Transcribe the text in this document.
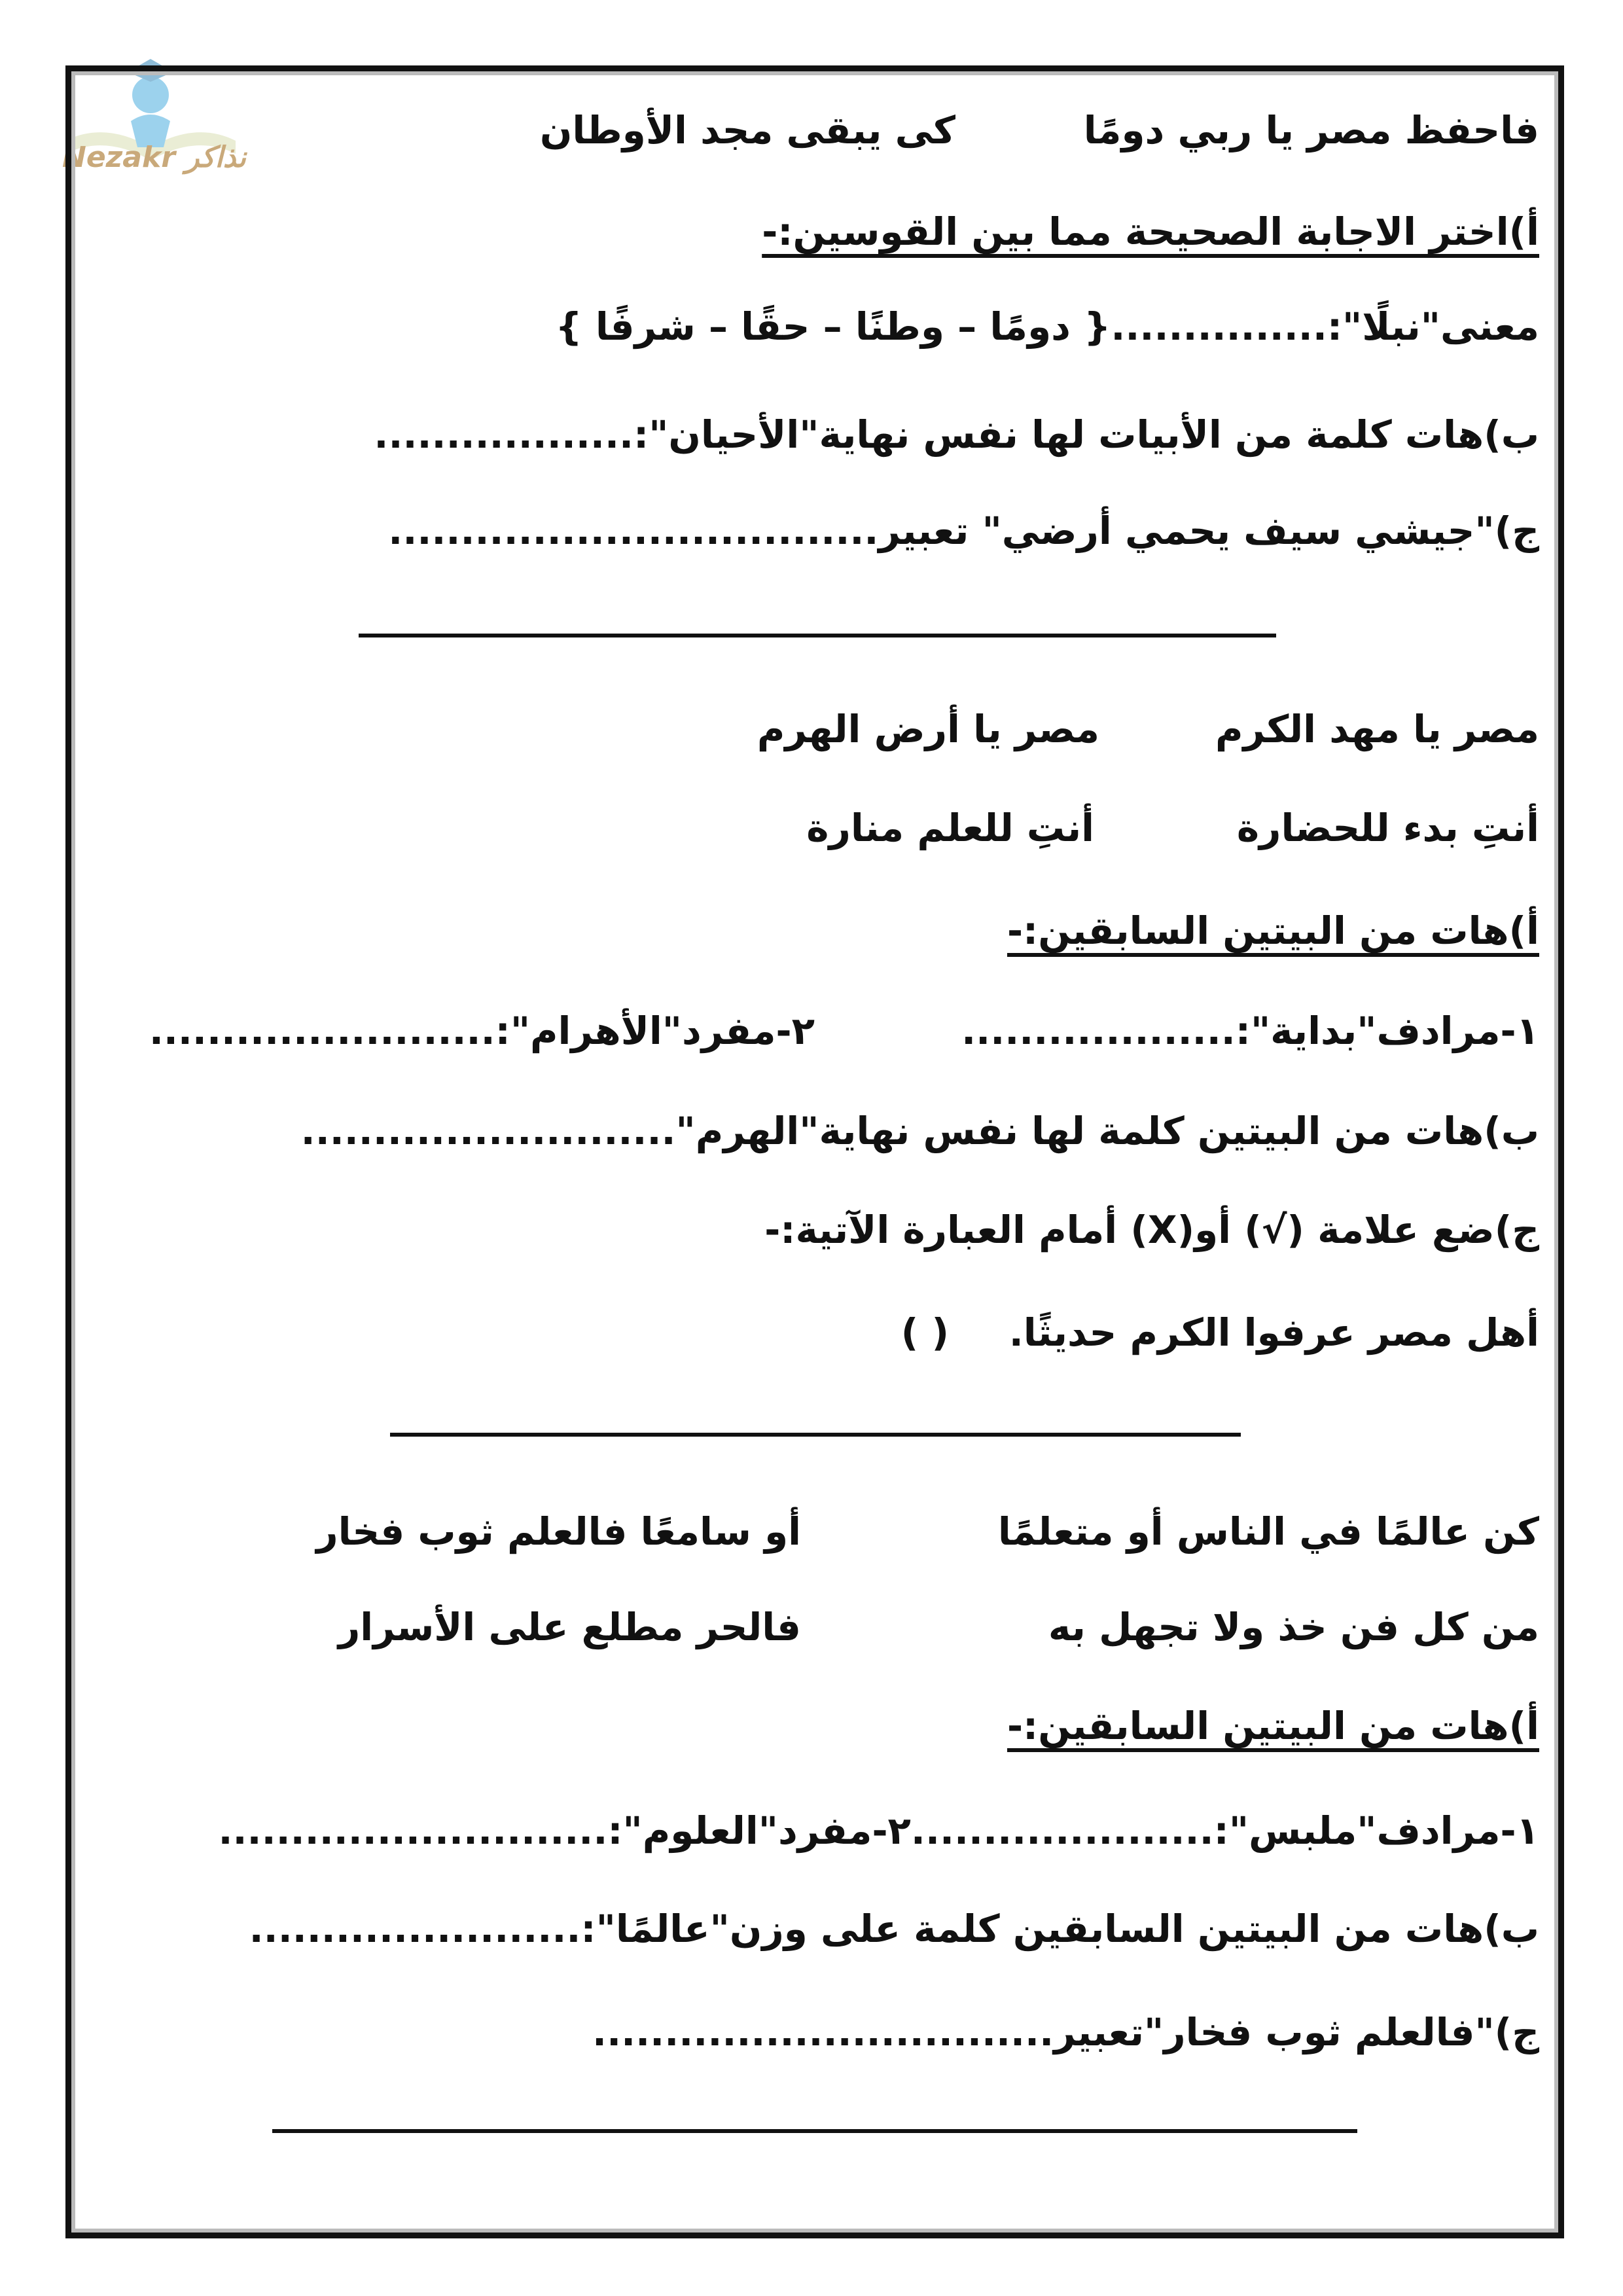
Nezakr نذاكر
فاحفظ مصر يا ربي دومًا
كى يبقى مجد الأوطان
أ)اختر الاجابة الصحيحة مما بين القوسين:-
معنى"نبلًا":...............{ دومًا – وطنًا – حقًا – شرفًا }
ب)هات كلمة من الأبيات لها نفس نهاية"الأحيان":..................
ج)"جيشي سيف يحمي أرضي" تعبير..................................
مصر يا مهد الكرم
مصر يا أرض الهرم
أنتِ بدء للحضارة
أنتِ للعلم منارة
أ)هات من البيتين السابقين:-
١-مرادف"بداية":...................
٢-مفرد"الأهرام":........................
ب)هات من البيتين كلمة لها نفس نهاية"الهرم"..........................
ج)ضع علامة (√) أو(X) أمام العبارة الآتية:-
أهل مصر عرفوا الكرم حديثًا.
( )
كن عالمًا في الناس أو متعلمًا
أو سامعًا فالعلم ثوب فخار
من كل فن خذ ولا تجهل به
فالحر مطلع على الأسرار
أ)هات من البيتين السابقين:-
١-مرادف"ملبس":.....................٢-مفرد"العلوم":...........................
ب)هات من البيتين السابقين كلمة على وزن"عالمًا":.......................
ج)"فالعلم ثوب فخار"تعبير................................
